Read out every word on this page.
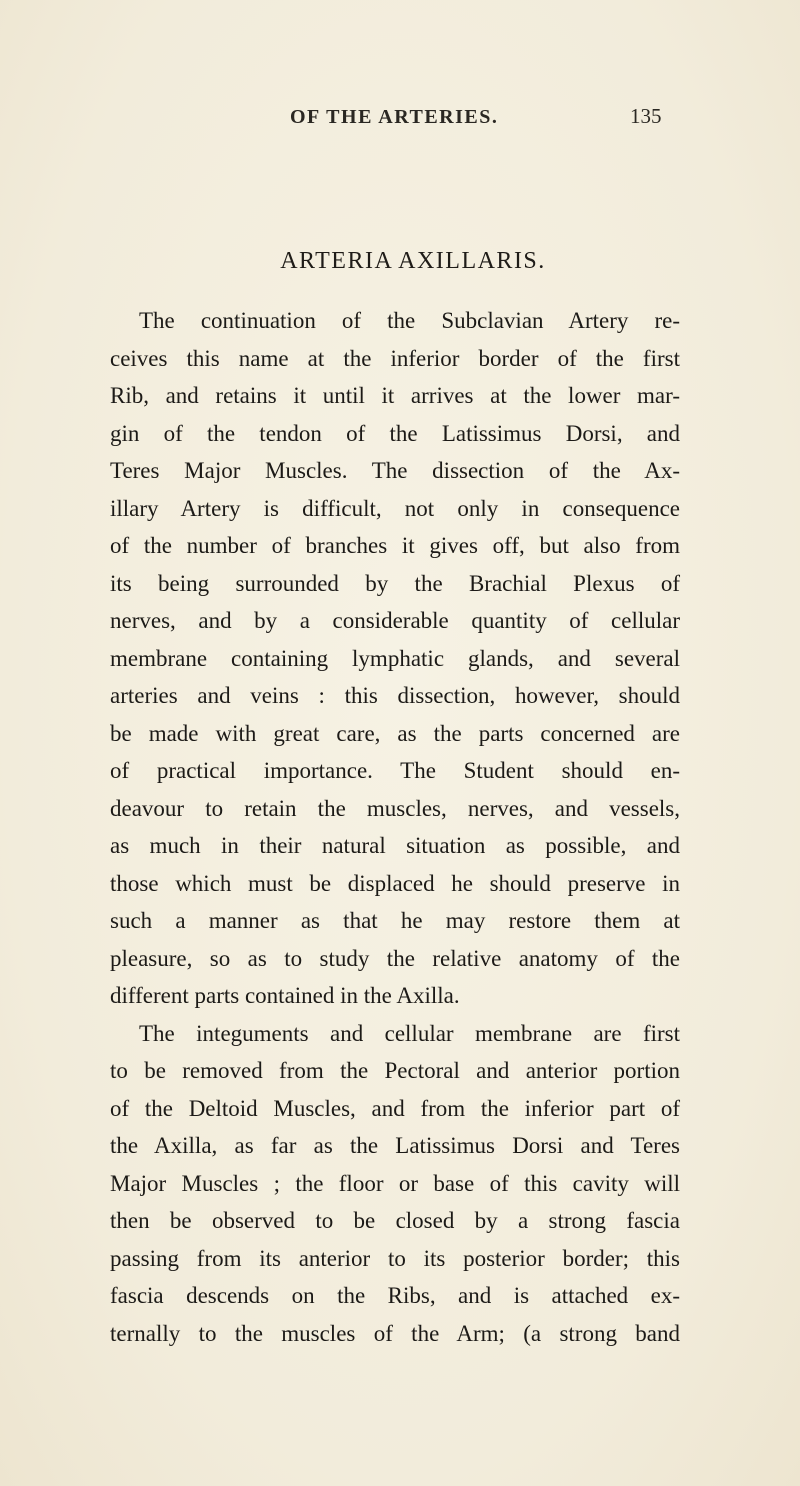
OF THE ARTERIES.	135
ARTERIA AXILLARIS.
The continuation of the Subclavian Artery re-
ceives this name at the inferior border of the first
Rib, and retains it until it arrives at the lower mar-
gin of the tendon of the Latissimus Dorsi, and
Teres Major Muscles. The dissection of the Ax-
illary Artery is difficult, not only in consequence
of the number of branches it gives off, but also from
its being surrounded by the Brachial Plexus of
nerves, and by a considerable quantity of cellular
membrane containing lymphatic glands, and several
arteries and veins : this dissection, however, should
be made with great care, as the parts concerned are
of practical importance. The Student should en-
deavour to retain the muscles, nerves, and vessels,
as much in their natural situation as possible, and
those which must be displaced he should preserve in
such a manner as that he may restore them at
pleasure, so as to study the relative anatomy of the
different parts contained in the Axilla.
The integuments and cellular membrane are first
to be removed from the Pectoral and anterior portion
of the Deltoid Muscles, and from the inferior part of
the Axilla, as far as the Latissimus Dorsi and Teres
Major Muscles ; the floor or base of this cavity will
then be observed to be closed by a strong fascia
passing from its anterior to its posterior border; this
fascia descends on the Ribs, and is attached ex-
ternally to the muscles of the Arm; (a strong band
